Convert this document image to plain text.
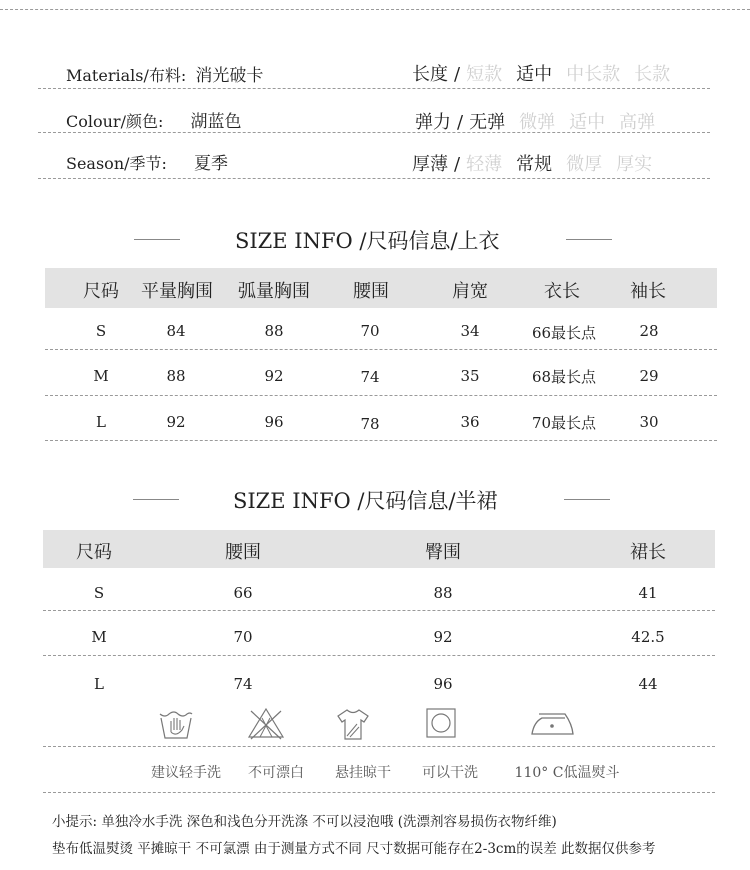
Materials/布料: 消光破卡
Colour/颜色: 湖蓝色
Season/季节: 夏季
长度 / 短款 适中 中长款 长款
弹力 / 无弹 微弹 适中 高弹
厚薄 / 轻薄 常规 微厚 厚实
SIZE INFO /尺码信息/上衣
尺码 平量胸围 弧量胸围 腰围	肩宽	衣长	袖长
S	84	88	70	34	66最长点	28
M	88	92	74	35	68最长点	29
L	92	96	78	36	70最长点	30
SIZE INFO /尺码信息/半裙
尺码	腰围	臀围	裙长
S	66	88	41
M	70	92	42.5
L	74	96	44
建议轻手洗 不可漂白 悬挂晾干 可以干洗	110° C低温熨斗
小提示: 单独冷水手洗 深色和浅色分开洗涤 不可以浸泡哦 (洗漂剂容易损伤衣物纤维)
垫布低温熨烫 平摊晾干 不可氯漂 由于测量方式不同 尺寸数据可能存在2-3cm的误差 此数据仅供参考
